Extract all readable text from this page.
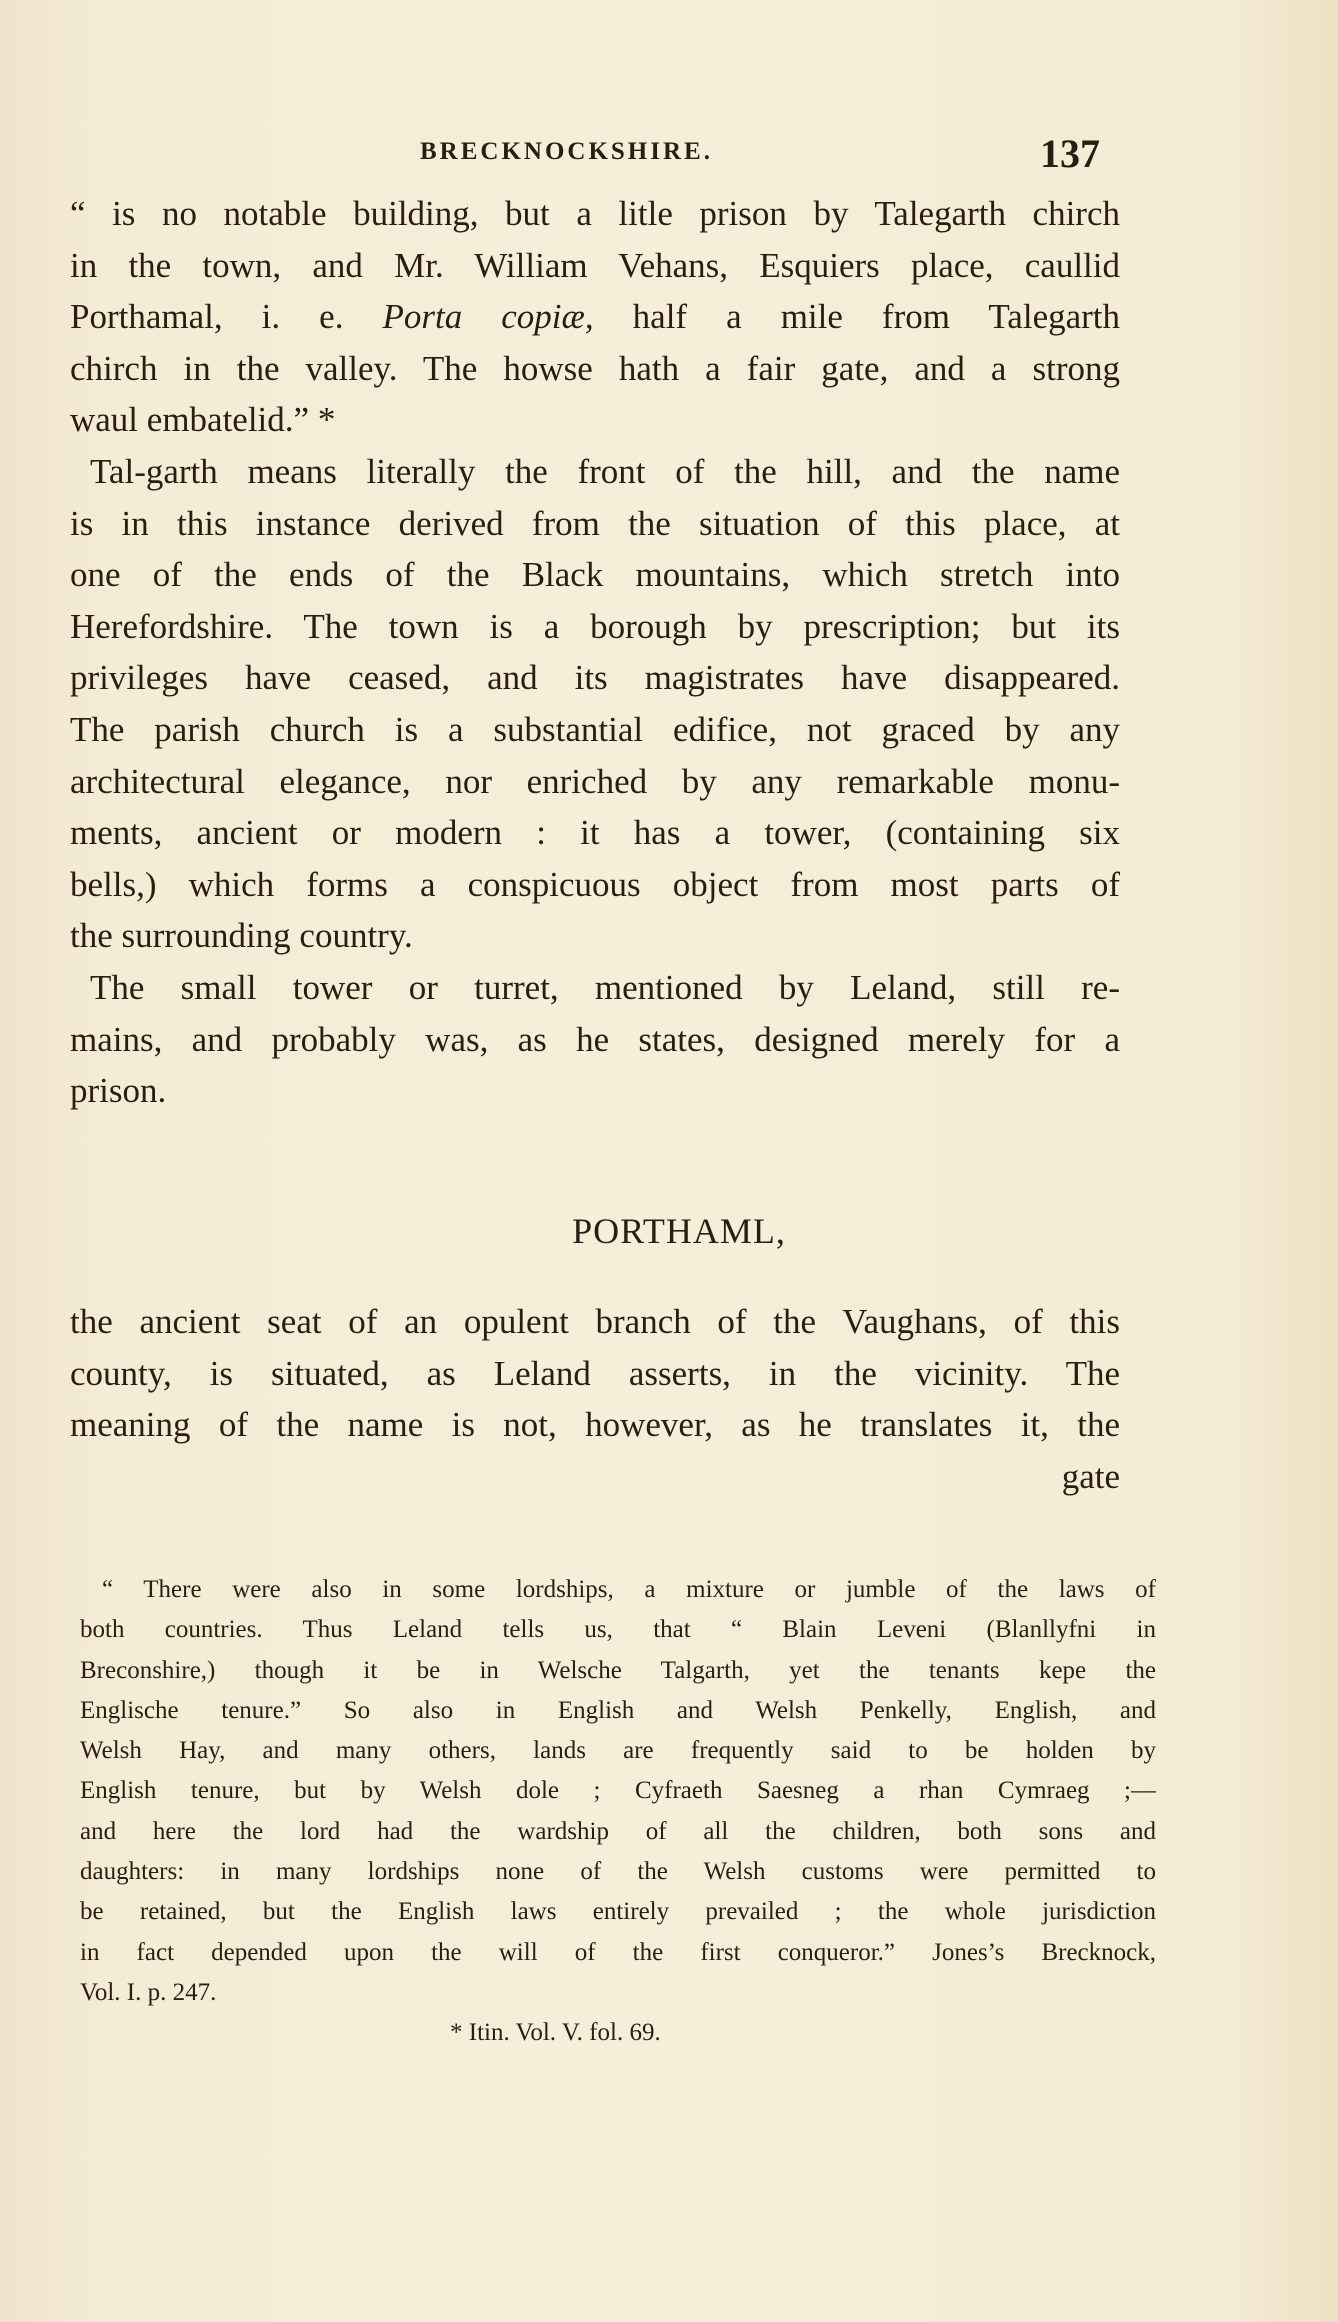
BRECKNOCKSHIRE.	137
“ is no notable building, but a litle prison by Talegarth chirch
in the town, and Mr. William Vehans, Esquiers place, caullid
Porthamal, i. e. Porta copiæ, half a mile from Talegarth
chirch in the valley. The howse hath a fair gate, and a strong
waul embatelid.” *
Tal-garth means literally the front of the hill, and the name
is in this instance derived from the situation of this place, at
one of the ends of the Black mountains, which stretch into
Herefordshire. The town is a borough by prescription; but its
privileges have ceased, and its magistrates have disappeared.
The parish church is a substantial edifice, not graced by any
architectural elegance, nor enriched by any remarkable monu-
ments, ancient or modern : it has a tower, (containing six
bells,) which forms a conspicuous object from most parts of
the surrounding country.
The small tower or turret, mentioned by Leland, still re-
mains, and probably was, as he states, designed merely for a
prison.
PORTHAML,
the ancient seat of an opulent branch of the Vaughans, of this
county, is situated, as Leland asserts, in the vicinity. The
meaning of the name is not, however, as he translates it, the
gate
“ There were also in some lordships, a mixture or jumble of the laws of
both countries. Thus Leland tells us, that “ Blain Leveni (Blanllyfni in
Breconshire,) though it be in Welsche Talgarth, yet the tenants kepe the
Englische tenure.” So also in English and Welsh Penkelly, English, and
Welsh Hay, and many others, lands are frequently said to be holden by
English tenure, but by Welsh dole ; Cyfraeth Saesneg a rhan Cymraeg ;—
and here the lord had the wardship of all the children, both sons and
daughters: in many lordships none of the Welsh customs were permitted to
be retained, but the English laws entirely prevailed ; the whole jurisdiction
in fact depended upon the will of the first conqueror.” Jones’s Brecknock,
Vol. I. p. 247.
* Itin. Vol. V. fol. 69.
